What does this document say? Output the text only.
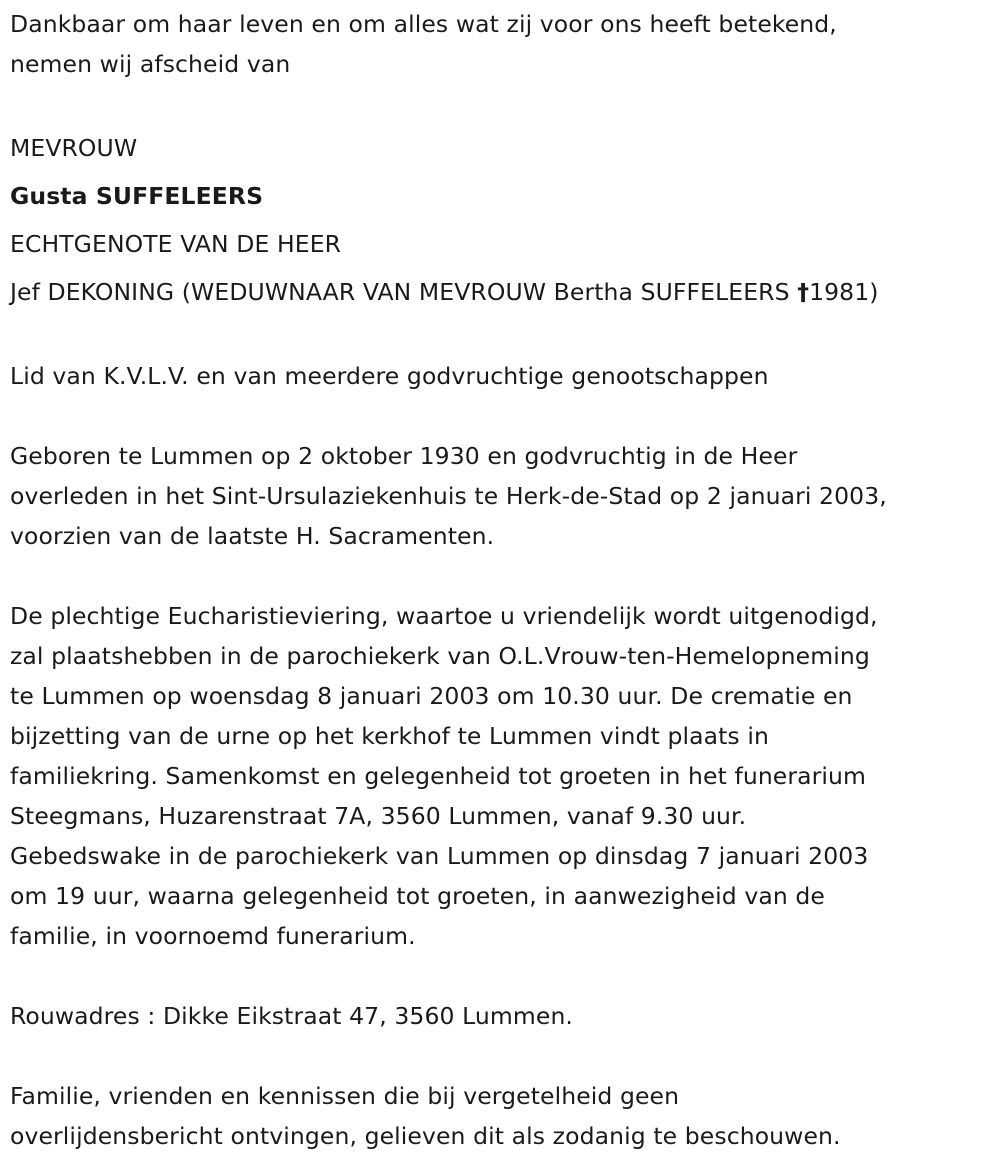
Dankbaar om haar leven en om alles wat zij voor ons heeft betekend,
nemen wij afscheid van
MEVROUW
Gusta SUFFELEERS
ECHTGENOTE VAN DE HEER
Jef DEKONING (WEDUWNAAR VAN MEVROUW Bertha SUFFELEERS †1981)
Lid van K.V.L.V. en van meerdere godvruchtige genootschappen
Geboren te Lummen op 2 oktober 1930 en godvruchtig in de Heer
overleden in het Sint-Ursulaziekenhuis te Herk-de-Stad op 2 januari 2003,
voorzien van de laatste H. Sacramenten.
De plechtige Eucharistieviering, waartoe u vriendelijk wordt uitgenodigd,
zal plaatshebben in de parochiekerk van O.L.Vrouw-ten-Hemelopneming
te Lummen op woensdag 8 januari 2003 om 10.30 uur. De crematie en
bijzetting van de urne op het kerkhof te Lummen vindt plaats in
familiekring. Samenkomst en gelegenheid tot groeten in het funerarium
Steegmans, Huzarenstraat 7A, 3560 Lummen, vanaf 9.30 uur.
Gebedswake in de parochiekerk van Lummen op dinsdag 7 januari 2003
om 19 uur, waarna gelegenheid tot groeten, in aanwezigheid van de
familie, in voornoemd funerarium.
Rouwadres : Dikke Eikstraat 47, 3560 Lummen.
Familie, vrienden en kennissen die bij vergetelheid geen
overlijdensbericht ontvingen, gelieven dit als zodanig te beschouwen.
